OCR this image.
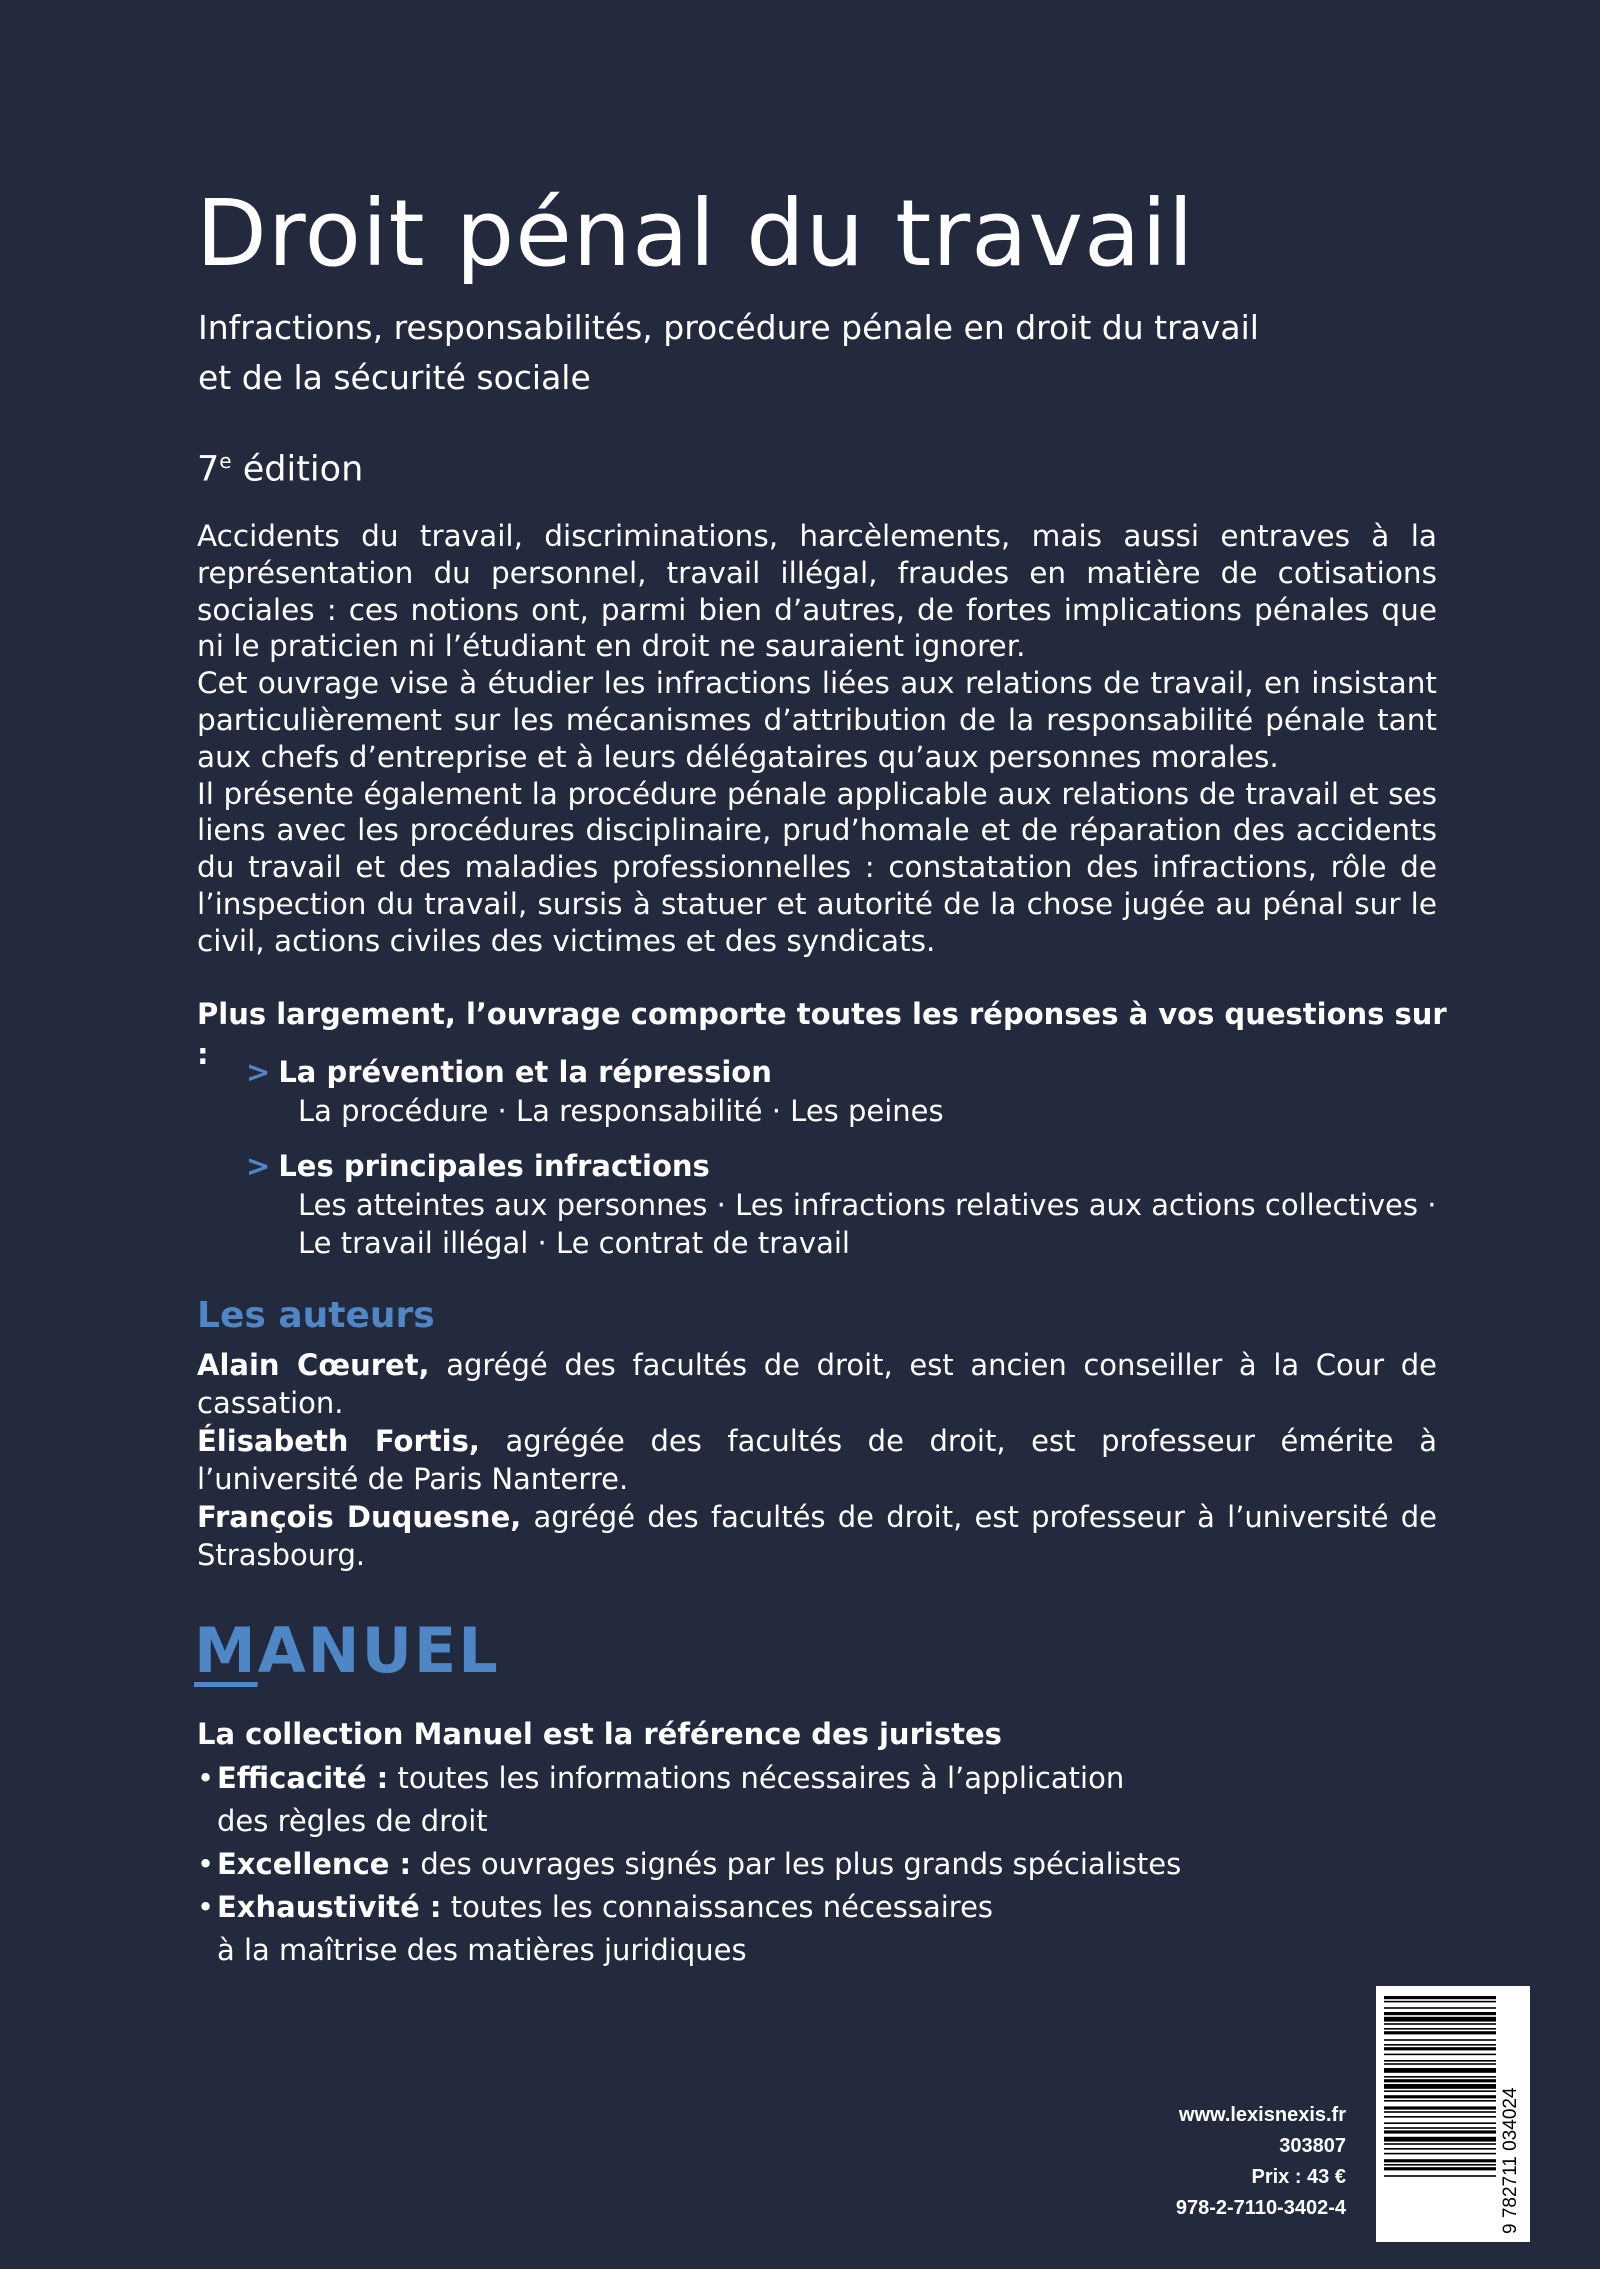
Droit pénal du travail
Infractions, responsabilités, procédure pénale en droit du travail
et de la sécurité sociale
7e édition

Accidents du travail, discriminations, harcèlements, mais aussi entraves à la représentation du personnel, travail illégal, fraudes en matière de cotisations sociales : ces notions ont, parmi bien d’autres, de fortes implications pénales que ni le praticien ni l’étudiant en droit ne sauraient ignorer.

Cet ouvrage vise à étudier les infractions liées aux relations de travail, en insistant particulièrement sur les mécanismes d’attribution de la responsabilité pénale tant aux chefs d’entreprise et à leurs délégataires qu’aux personnes morales.

Il présente également la procédure pénale applicable aux relations de travail et ses liens avec les procédures disciplinaire, prud’homale et de réparation des accidents du travail et des maladies professionnelles : constatation des infractions, rôle de l’inspection du travail, sursis à statuer et autorité de la chose jugée au pénal sur le civil, actions civiles des victimes et des syndicats.

Plus largement, l’ouvrage comporte toutes les réponses à vos questions sur :
> La prévention et la répression
La procédure · La responsabilité · Les peines
> Les principales infractions
Les atteintes aux personnes · Les infractions relatives aux actions collectives ·
Le travail illégal · Le contrat de travail
Les auteurs

Alain Cœuret, agrégé des facultés de droit, est ancien conseiller à la Cour de cassation.

Élisabeth Fortis, agrégée des facultés de droit, est professeur émérite à l’université de Paris Nanterre.

François Duquesne, agrégé des facultés de droit, est professeur à l’université de Strasbourg.

MANUEL
La collection Manuel est la référence des juristes
•Efficacité : toutes les informations nécessaires à l’application
des règles de droit
•Excellence : des ouvrages signés par les plus grands spécialistes
•Exhaustivité : toutes les connaissances nécessaires
à la maîtrise des matières juridiques
www.lexisnexis.fr
303807
Prix : 43 €
978-2-7110-3402-4	9 782711 034024
